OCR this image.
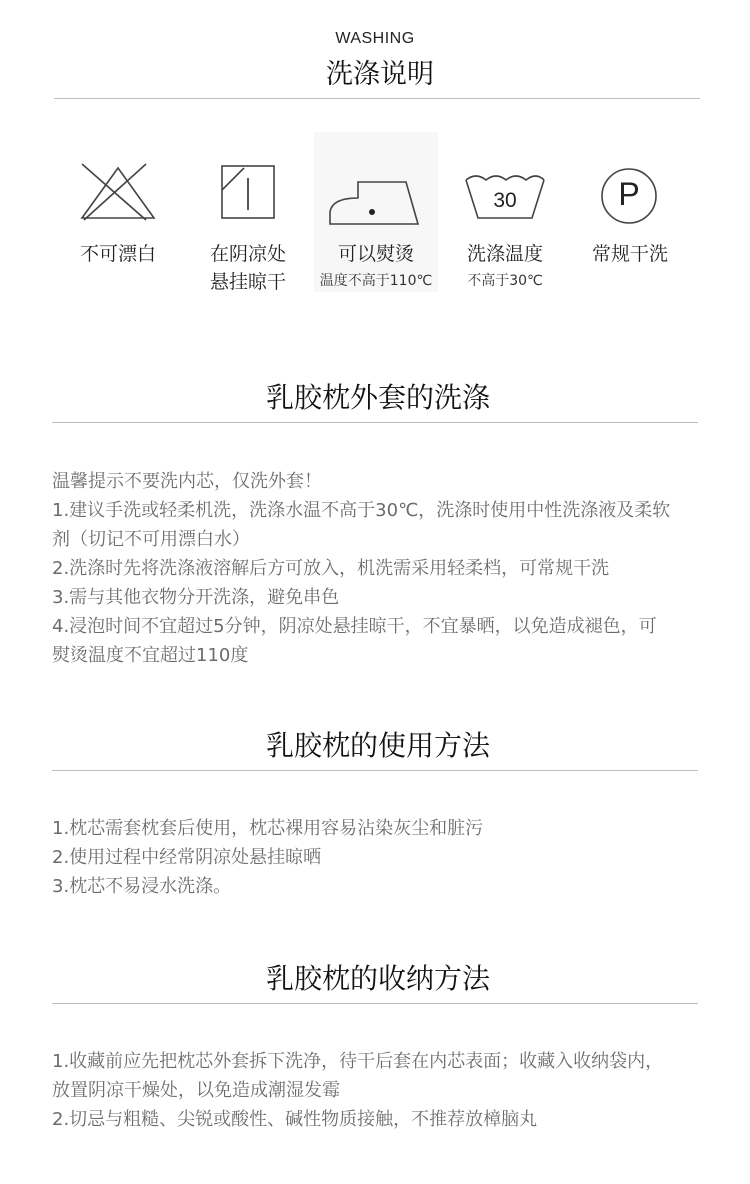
WASHING
洗涤说明
不可漂白	在阴凉处
悬挂晾干
可以熨烫
温度不高于110℃
30
洗涤温度
不高于30℃
P
常规干洗
乳胶枕外套的洗涤

温馨提示不要洗内芯，仅洗外套！

1.建议手洗或轻柔机洗，洗涤水温不高于30℃，洗涤时使用中性洗涤液及柔软

剂（切记不可用漂白水）

2.洗涤时先将洗涤液溶解后方可放入，机洗需采用轻柔档，可常规干洗

3.需与其他衣物分开洗涤，避免串色

4.浸泡时间不宜超过5分钟，阴凉处悬挂晾干，不宜暴晒，以免造成褪色，可

熨烫温度不宜超过110度

乳胶枕的使用方法

1.枕芯需套枕套后使用，枕芯裸用容易沾染灰尘和脏污

2.使用过程中经常阴凉处悬挂晾晒

3.枕芯不易浸水洗涤。

乳胶枕的收纳方法

1.收藏前应先把枕芯外套拆下洗净，待干后套在内芯表面；收藏入收纳袋内，

放置阴凉干燥处，以免造成潮湿发霉

2.切忌与粗糙、尖锐或酸性、碱性物质接触，不推荐放樟脑丸
